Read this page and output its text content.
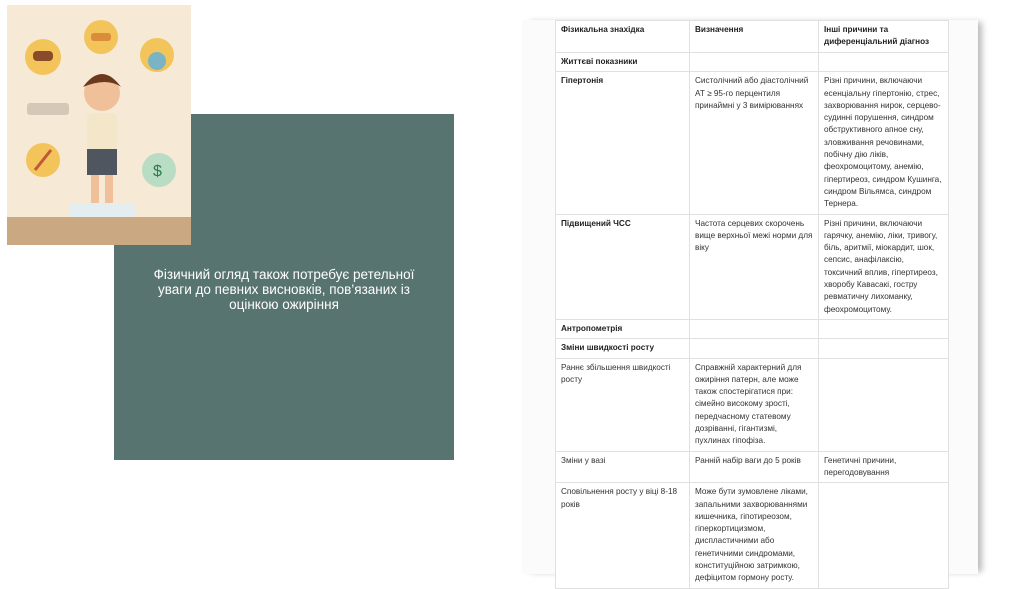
$

Фізичний огляд також потребує ретельної уваги до певних висновків, пов’язаних із оцінкою ожиріння

Фізикальна знахідка	Визначення	Інші причини та диференціальний діагноз
Життєві показники		
Гіпертонія	Систолічний або діастолічний АТ ≥ 95-го перцентиля принаймні у 3 вимірюваннях	Різні причини, включаючи есенціальну гіпертонію, стрес, захворювання нирок, серцево-судинні порушення, синдром обструктивного апное сну, зловживання речовинами, побічну дію ліків, феохромоцитому, анемію, гіпертиреоз, синдром Кушинга, синдром Вільямса, синдром Тернера.
Підвищений ЧСС	Частота серцевих скорочень вище верхньої межі норми для віку	Різні причини, включаючи гарячку, анемію, ліки, тривогу, біль, аритмії, міокардит, шок, сепсис, анафілаксію, токсичний вплив, гіпертиреоз, хворобу Кавасакі, гостру ревматичну лихоманку, феохромоцитому.
Антропометрія		
Зміни швидкості росту		
Раннє збільшення швидкості росту	Справжній характерний для ожиріння патерн, але може також спостерігатися при: сімейно високому зрості, передчасному статевому дозріванні, гігантизмі, пухлинах гіпофіза.	
Зміни у вазі	Ранній набір ваги до 5 років	Генетичні причини, перегодовування
Сповільнення росту у віці 8-18 років	Може бути зумовлене ліками, запальними захворюваннями кишечника, гіпотиреозом, гіперкортицизмом, диспластичними або генетичними синдромами, конституційною затримкою, дефіцитом гормону росту.	
